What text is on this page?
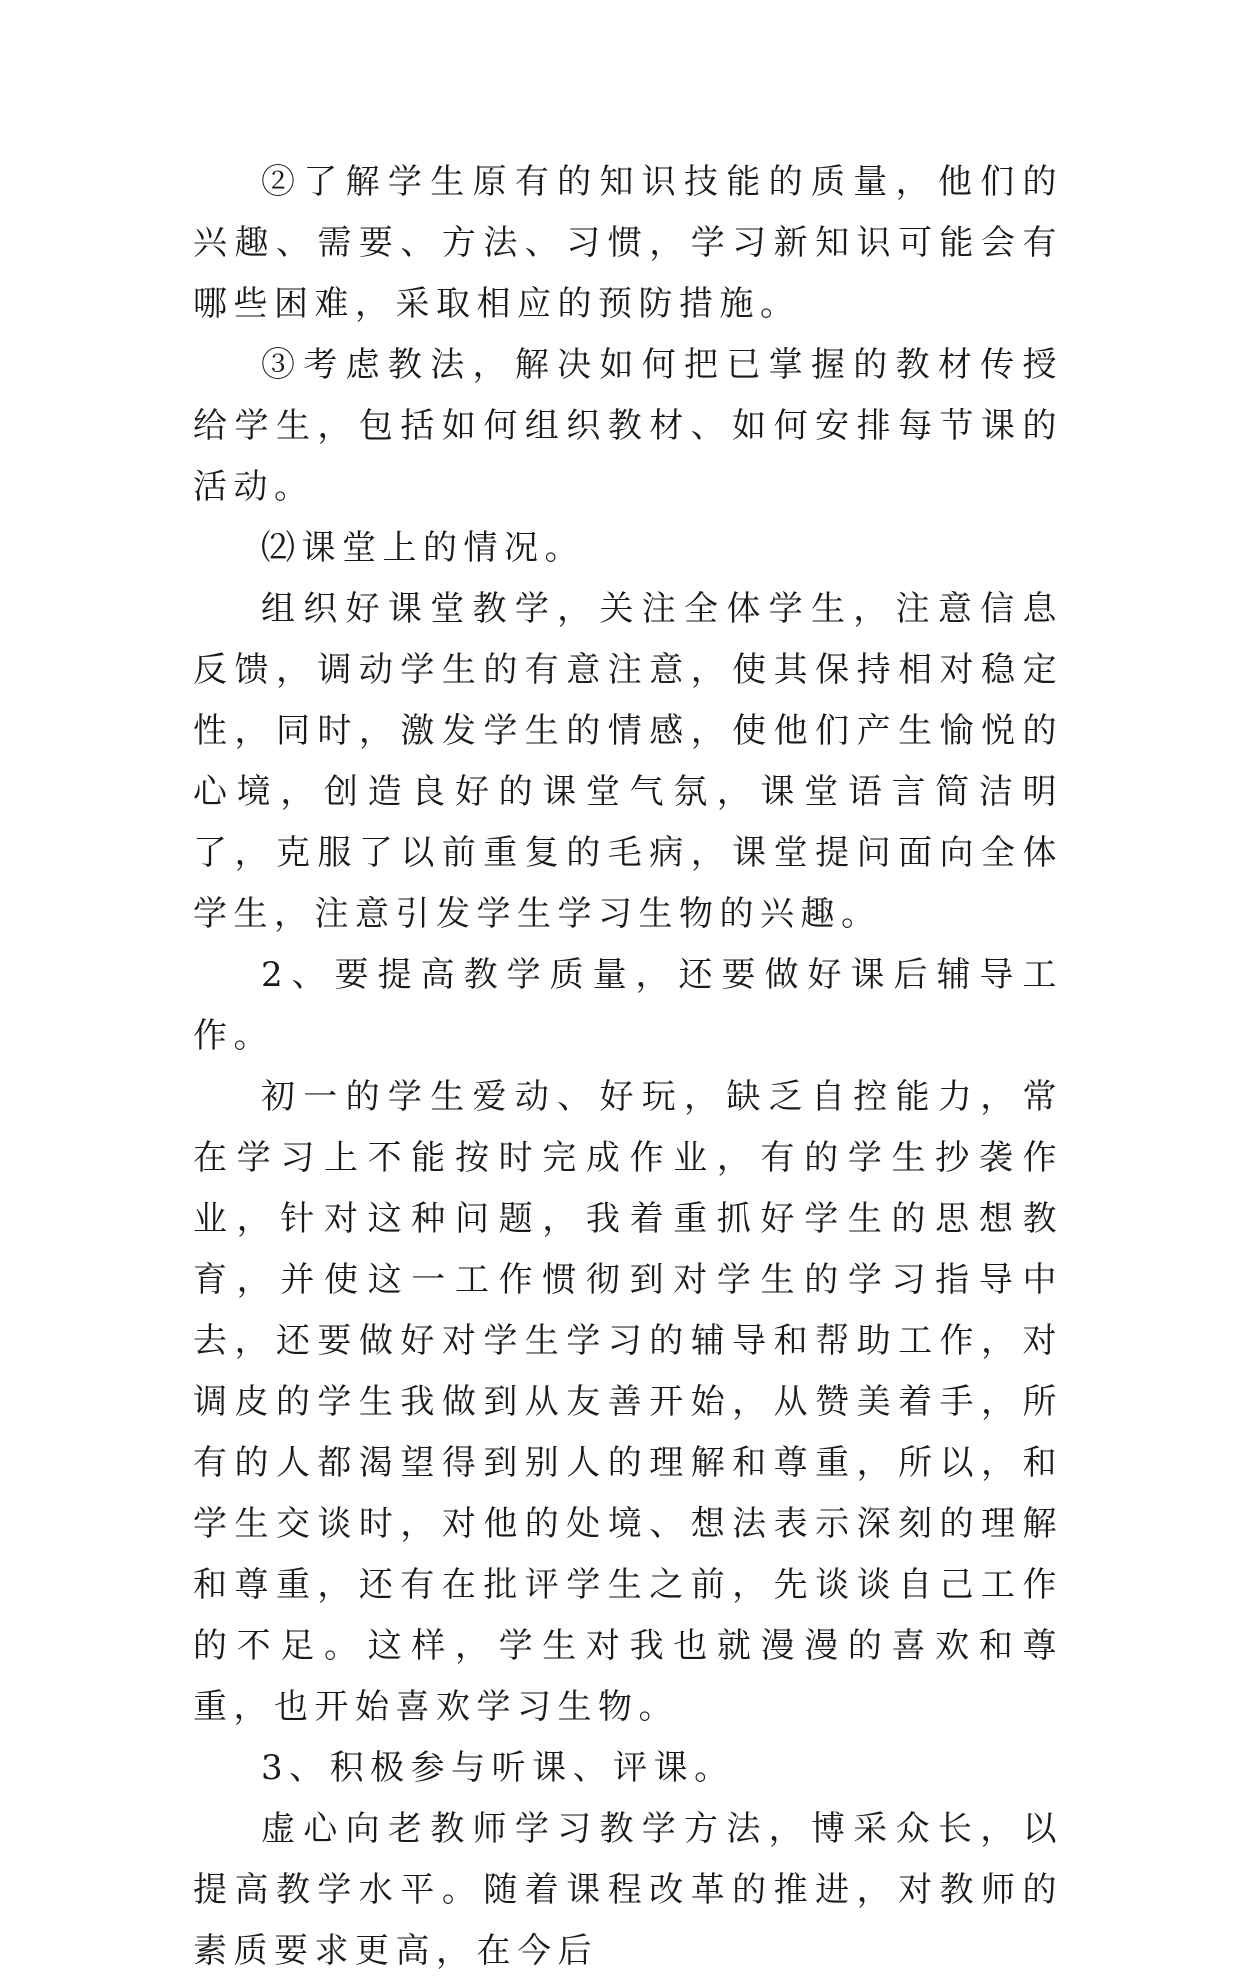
②了解学生原有的知识技能的质量，他们的兴趣、需要、方法、习惯，学习新知识可能会有哪些困难，采取相应的预防措施。

③考虑教法，解决如何把已掌握的教材传授给学生，包括如何组织教材、如何安排每节课的活动。

⑵课堂上的情况。

组织好课堂教学，关注全体学生，注意信息反馈，调动学生的有意注意，使其保持相对稳定性，同时，激发学生的情感，使他们产生愉悦的心境，创造良好的课堂气氛，课堂语言简洁明了，克服了以前重复的毛病，课堂提问面向全体学生，注意引发学生学习生物的兴趣。

2、要提高教学质量，还要做好课后辅导工作。

初一的学生爱动、好玩，缺乏自控能力，常在学习上不能按时完成作业，有的学生抄袭作业，针对这种问题，我着重抓好学生的思想教育，并使这一工作惯彻到对学生的学习指导中去，还要做好对学生学习的辅导和帮助工作，对调皮的学生我做到从友善开始，从赞美着手，所有的人都渴望得到别人的理解和尊重，所以，和学生交谈时，对他的处境、想法表示深刻的理解和尊重，还有在批评学生之前，先谈谈自己工作的不足。这样，学生对我也就漫漫的喜欢和尊重，也开始喜欢学习生物。

3、积极参与听课、评课。

虚心向老教师学习教学方法，博采众长，以提高教学水平。随着课程改革的推进，对教师的素质要求更高，在今后
